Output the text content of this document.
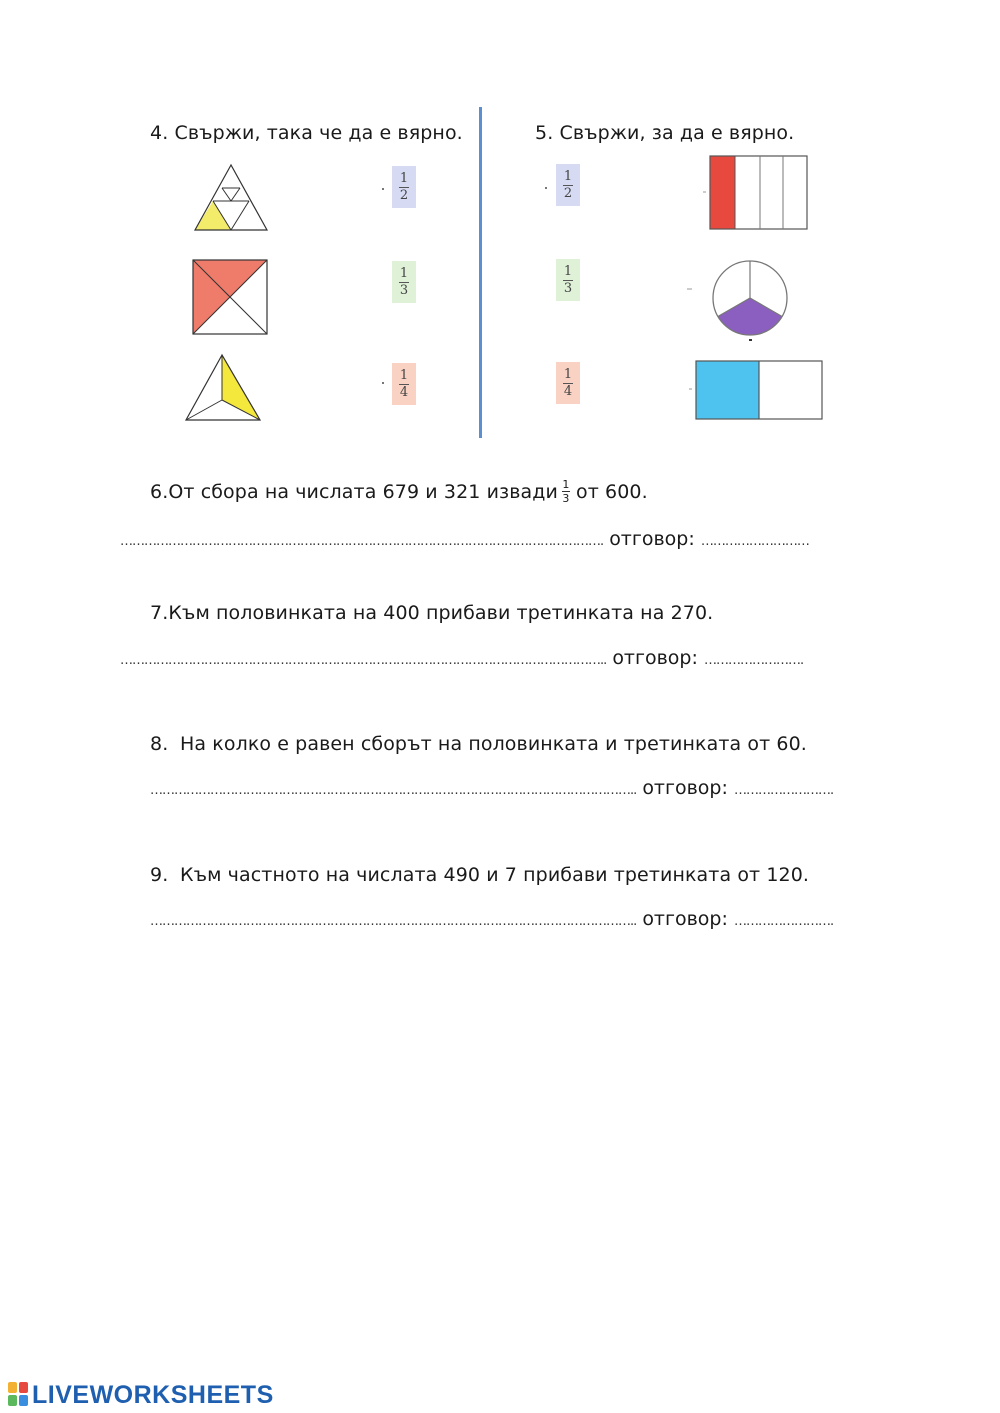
4. Свържи, така че да е вярно.
1
2
1
3
1
4
5. Свържи, за да е вярно.
1
2
1
3
1
4
6.От сбора на числата 679 и 321 извади $\frac{1}{3}$ от 600.
…………………………………………………………………………………………………………. отговор: ………………………
7.Към половинката на 400 прибави третинката на 270.
………………………………………………………………………………………………………….. отговор: …………………….
8. На колко е равен сборът на половинката и третинката от 60.
………………………………………………………………………………………………………….. отговор: …………………….
9. Към частното на числата 490 и 7 прибави третинката от 120.
………………………………………………………………………………………………………….. отговор: …………………….
LIVEWORKSHEETS
